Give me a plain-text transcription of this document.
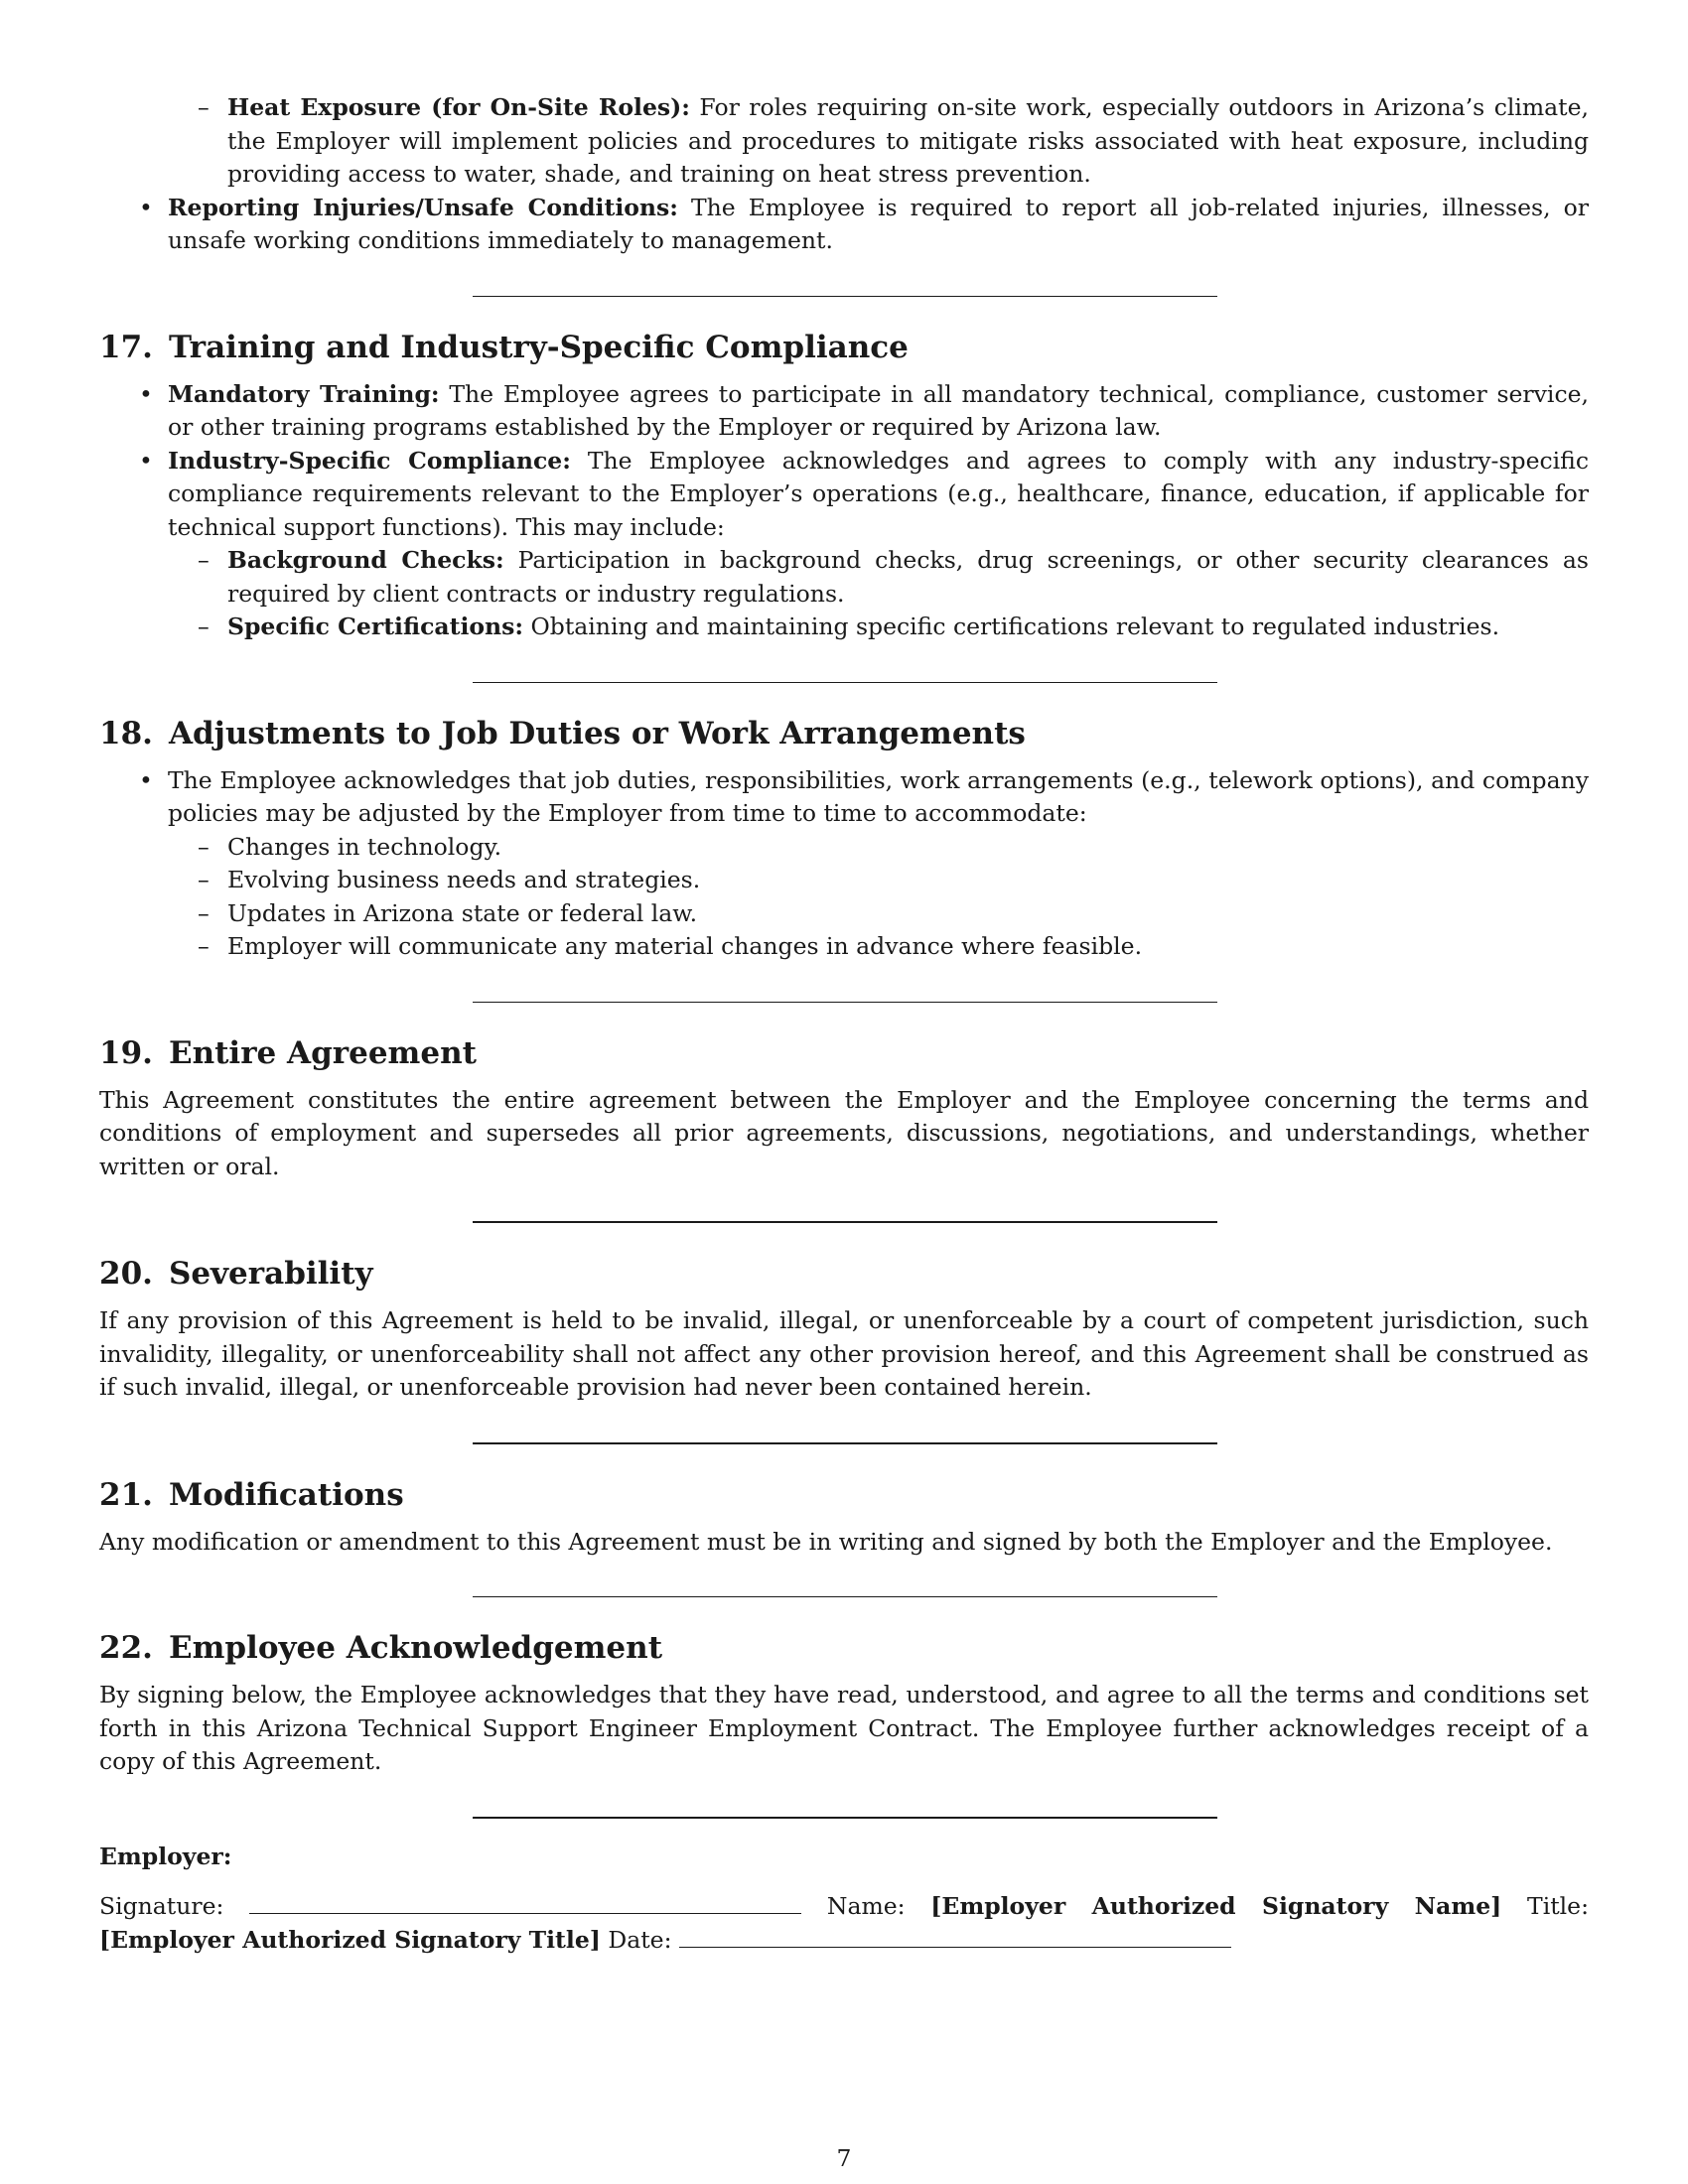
– Heat Exposure (for On-Site Roles): For roles requiring on-site work, especially outdoors in Arizona’s climate, the Employer will implement policies and procedures to mitigate risks associated with heat exposure, including providing access to water, shade, and training on heat stress prevention.
• Reporting Injuries/Unsafe Conditions: The Employee is required to report all job-related injuries, illnesses, or unsafe working conditions immediately to management.
17. Training and Industry-Specific Compliance
• Mandatory Training: The Employee agrees to participate in all mandatory technical, compliance, customer service, or other training programs established by the Employer or required by Arizona law.
• Industry-Specific Compliance: The Employee acknowledges and agrees to comply with any industry-specific compliance requirements relevant to the Employer’s operations (e.g., healthcare, finance, education, if applicable for technical support functions). This may include:
– Background Checks: Participation in background checks, drug screenings, or other security clearances as required by client contracts or industry regulations.
– Specific Certifications: Obtaining and maintaining specific certifications relevant to regulated industries.
18. Adjustments to Job Duties or Work Arrangements
• The Employee acknowledges that job duties, responsibilities, work arrangements (e.g., telework options), and company policies may be adjusted by the Employer from time to time to accommodate:
– Changes in technology.
– Evolving business needs and strategies.
– Updates in Arizona state or federal law.
– Employer will communicate any material changes in advance where feasible.
19. Entire Agreement
This Agreement constitutes the entire agreement between the Employer and the Employee concerning the terms and conditions of employment and supersedes all prior agreements, discussions, negotiations, and understandings, whether written or oral.
20. Severability
If any provision of this Agreement is held to be invalid, illegal, or unenforceable by a court of competent jurisdiction, such invalidity, illegality, or unenforceability shall not affect any other provision hereof, and this Agreement shall be construed as if such invalid, illegal, or unenforceable provision had never been contained herein.
21. Modifications
Any modification or amendment to this Agreement must be in writing and signed by both the Employer and the Employee.
22. Employee Acknowledgement
By signing below, the Employee acknowledges that they have read, understood, and agree to all the terms and conditions set forth in this Arizona Technical Support Engineer Employment Contract. The Employee further acknowledges receipt of a copy of this Agreement.
Employer:
Signature:	Name: [Employer Authorized Signatory Name] Title: [Employer Authorized Signatory Title] Date:
7
